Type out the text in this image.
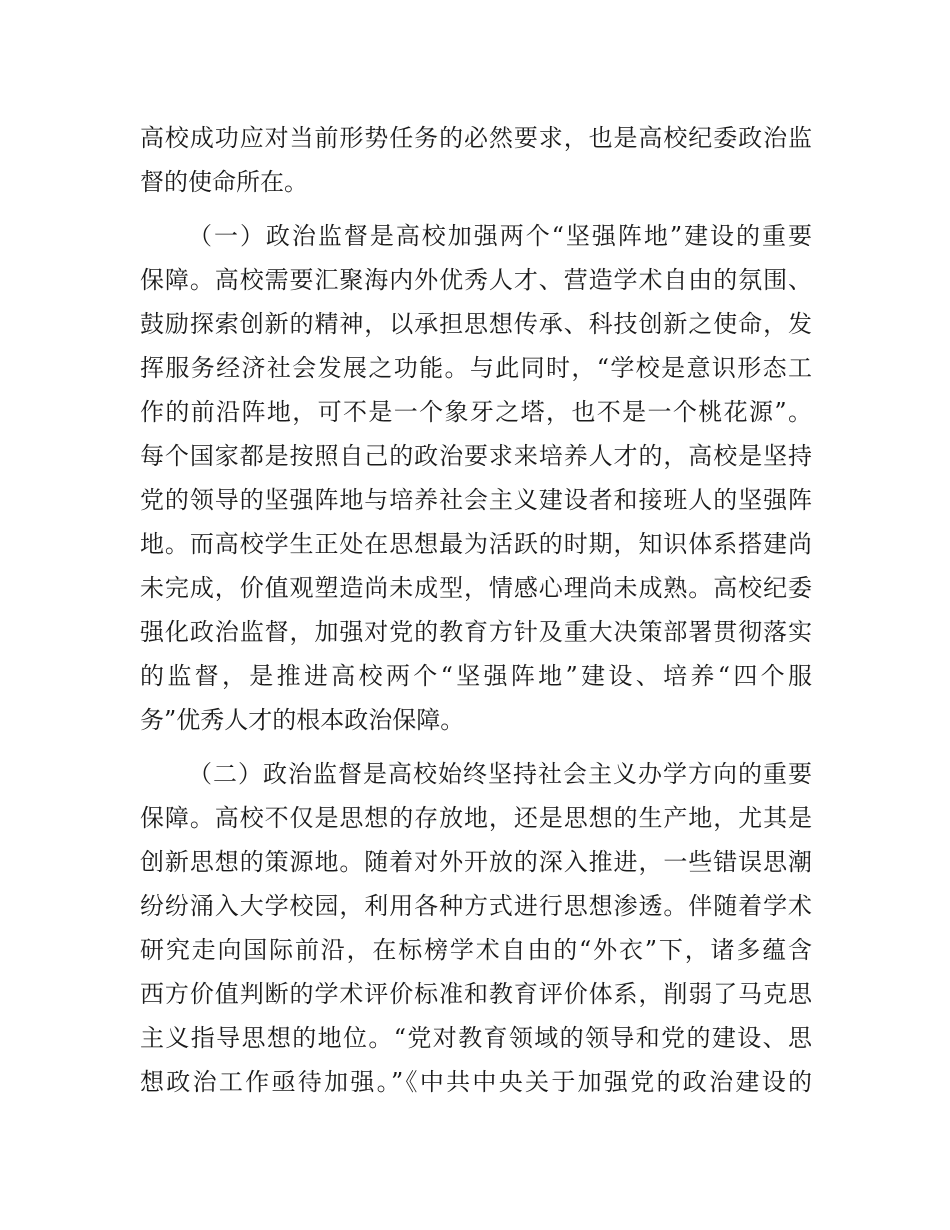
高校成功应对当前形势任务的必然要求，也是高校纪委政治监

督的使命所在。

（一）政治监督是高校加强两个“坚强阵地”建设的重要

保障。高校需要汇聚海内外优秀人才、营造学术自由的氛围、

鼓励探索创新的精神，以承担思想传承、科技创新之使命，发

挥服务经济社会发展之功能。与此同时，“学校是意识形态工

作的前沿阵地，可不是一个象牙之塔，也不是一个桃花源”。

每个国家都是按照自己的政治要求来培养人才的，高校是坚持

党的领导的坚强阵地与培养社会主义建设者和接班人的坚强阵

地。而高校学生正处在思想最为活跃的时期，知识体系搭建尚

未完成，价值观塑造尚未成型，情感心理尚未成熟。高校纪委

强化政治监督，加强对党的教育方针及重大决策部署贯彻落实

的监督，是推进高校两个“坚强阵地”建设、培养“四个服

务”优秀人才的根本政治保障。

（二）政治监督是高校始终坚持社会主义办学方向的重要

保障。高校不仅是思想的存放地，还是思想的生产地，尤其是

创新思想的策源地。随着对外开放的深入推进，一些错误思潮

纷纷涌入大学校园，利用各种方式进行思想渗透。伴随着学术

研究走向国际前沿，在标榜学术自由的“外衣”下，诸多蕴含

西方价值判断的学术评价标准和教育评价体系，削弱了马克思

主义指导思想的地位。“党对教育领域的领导和党的建设、思

想政治工作亟待加强。”《中共中央关于加强党的政治建设的
